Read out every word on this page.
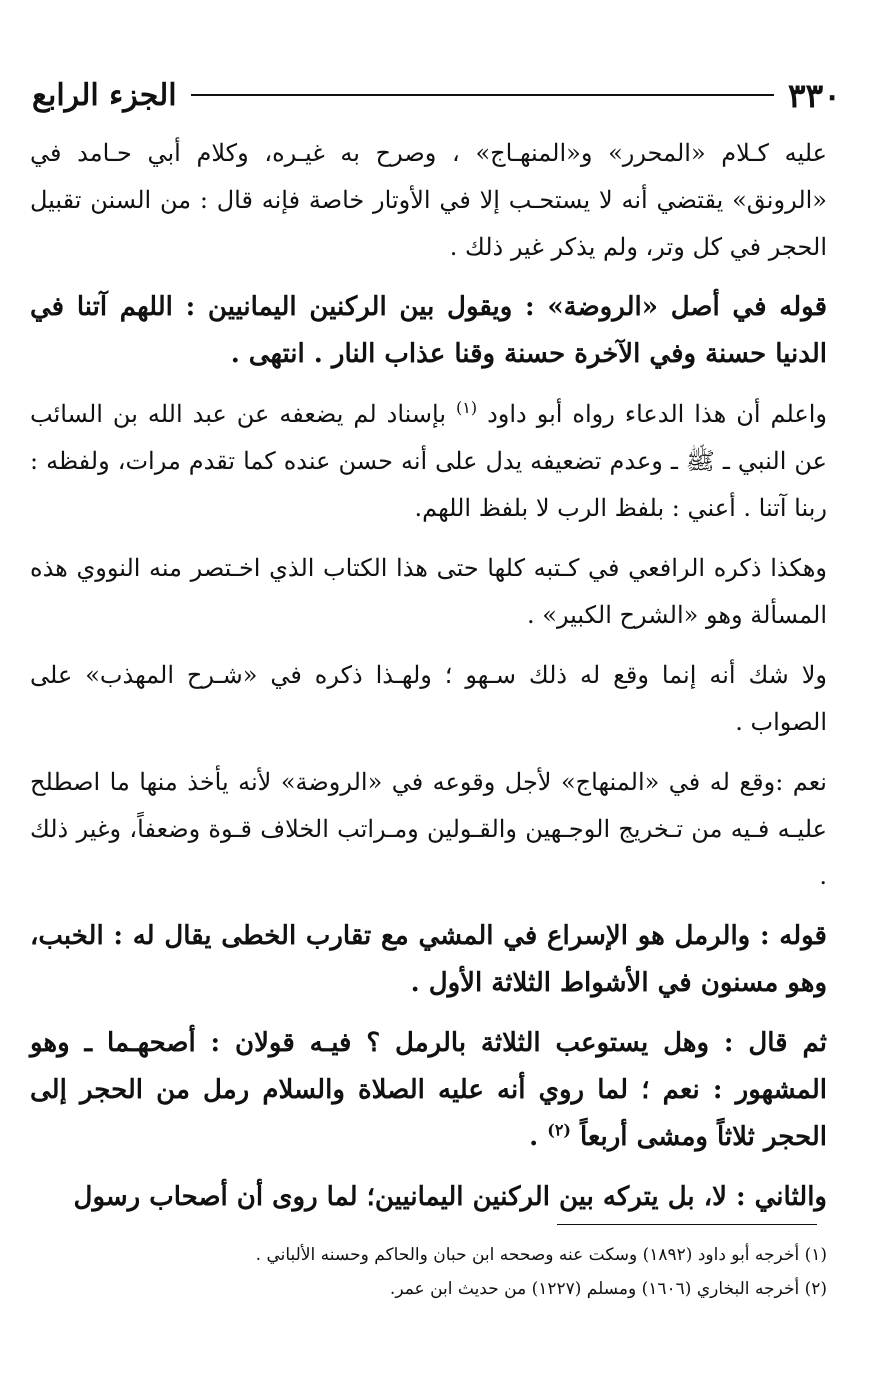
٣٣٠
الجزء الرابع

عليه كـلام «المحرر» و«المنهـاج» ، وصرح به غيـره، وكلام أبي حـامد في «الرونق» يقتضي أنه لا يستحـب إلا في الأوتار خاصة فإنه قال : من السنن تقبيل الحجر في كل وتر، ولم يذكر غير ذلك .

قوله في أصل «الروضة» : ويقول بين الركنين اليمانيين : اللهم آتنا في الدنيا حسنة وفي الآخرة حسنة وقنا عذاب النار . انتهى .

واعلم أن هذا الدعاء رواه أبو داود $^{(١)}$ بإسناد لم يضعفه عن عبد الله بن السائب عن النبي ـ ﷺ ـ وعدم تضعيفه يدل على أنه حسن عنده كما تقدم مرات، ولفظه : ربنا آتنا . أعني : بلفظ الرب لا بلفظ اللهم.

وهكذا ذكره الرافعي في كـتبه كلها حتى هذا الكتاب الذي اخـتصر منه النووي هذه المسألة وهو «الشرح الكبير» .

ولا شك أنه إنما وقع له ذلك سـهو ؛ ولهـذا ذكره في «شـرح المهذب» على الصواب .

نعم :وقع له في «المنهاج» لأجل وقوعه في «الروضة» لأنه يأخذ منها ما اصطلح عليـه فـيه من تـخريج الوجـهين والقـولين ومـراتب الخلاف قـوة وضعفاً، وغير ذلك .

قوله : والرمل هو الإسراع في المشي مع تقارب الخطى يقال له : الخبب، وهو مسنون في الأشواط الثلاثة الأول .

ثم قال : وهل يستوعب الثلاثة بالرمل ؟ فيـه قولان : أصحهـما ـ وهو المشهور : نعم ؛ لما روي أنه عليه الصلاة والسلام رمل من الحجر إلى الحجر ثلاثاً ومشى أربعاً $^{(٢)}$ .

والثاني : لا، بل يتركه بين الركنين اليمانيين؛ لما روى أن أصحاب رسول

(١) أخرجه أبو داود (١٨٩٢) وسكت عنه وصححه ابن حبان والحاكم وحسنه الألباني .

(٢) أخرجه البخاري (١٦٠٦) ومسلم (١٢٢٧) من حديث ابن عمر.
